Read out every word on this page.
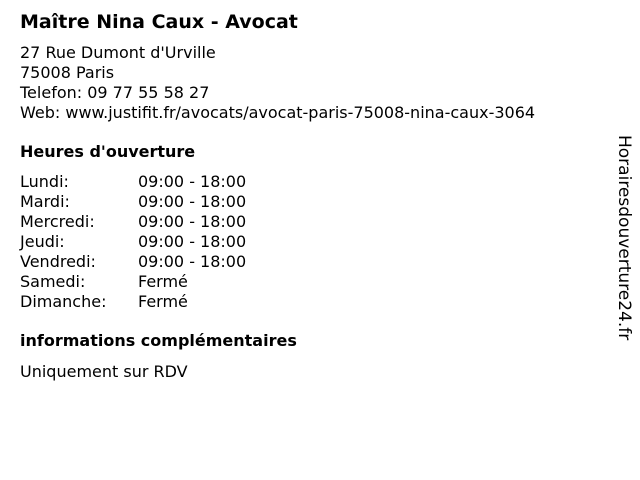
Maître Nina Caux - Avocat
27 Rue Dumont d'Urville
75008 Paris
Telefon: 09 77 55 58 27
Web: www.justifit.fr/avocats/avocat-paris-75008-nina-caux-3064
Heures d'ouverture
Lundi:	09:00 - 18:00
Mardi:	09:00 - 18:00
Mercredi:	09:00 - 18:00
Jeudi:	09:00 - 18:00
Vendredi:	09:00 - 18:00
Samedi:	Fermé
Dimanche:	Fermé
informations complémentaires
Uniquement sur RDV
Horairesdouverture24.fr
